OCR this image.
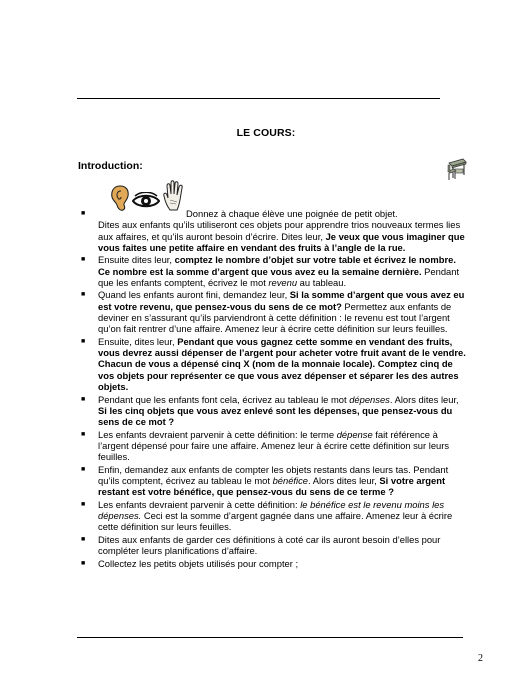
LE COURS:
Introduction:
■	Donnez à chaque élève une poignée de petit objet.
Dites aux enfants qu’ils utiliseront ces objets pour apprendre trios nouveaux termes lies aux affaires, et qu’ils auront besoin d’écrire. Dites leur, Je veux que vous imaginer que vous faites une petite affaire en vendant des fruits à l’angle de la rue.
■ Ensuite dites leur, comptez le nombre d’objet sur votre table et écrivez le nombre. Ce nombre est la somme d’argent que vous avez eu la semaine dernière. Pendant que les enfants comptent, écrivez le mot revenu au tableau.
■ Quand les enfants auront fini, demandez leur, Si la somme d’argent que vous avez eu est votre revenu, que pensez-vous du sens de ce mot? Permettez aux enfants de deviner en s’assurant qu’ils parviendront à cette définition : le revenu est tout l’argent qu’on fait rentrer d’une affaire. Amenez leur à écrire cette définition sur leurs feuilles.
■ Ensuite, dites leur, Pendant que vous gagnez cette somme en vendant des fruits, vous devrez aussi dépenser de l’argent pour acheter votre fruit avant de le vendre. Chacun de vous a dépensé cinq X (nom de la monnaie locale). Comptez cinq de vos objets pour représenter ce que vous avez dépenser et séparer les des autres objets.
■ Pendant que les enfants font cela, écrivez au tableau le mot dépenses. Alors dites leur, Si les cinq objets que vous avez enlevé sont les dépenses, que pensez-vous du sens de ce mot ?
■ Les enfants devraient parvenir à cette définition: le terme dépense fait référence à l’argent dépensé pour faire une affaire. Amenez leur à écrire cette définition sur leurs feuilles.
■ Enfin, demandez aux enfants de compter les objets restants dans leurs tas. Pendant qu’ils comptent, écrivez au tableau le mot bénéfice. Alors dites leur, Si votre argent restant est votre bénéfice, que pensez-vous du sens de ce terme ?
■ Les enfants devraient parvenir à cette définition: le bénéfice est le revenu moins les dépenses. Ceci est la somme d’argent gagnée dans une affaire. Amenez leur à écrire cette définition sur leurs feuilles.
■ Dites aux enfants de garder ces définitions à coté car ils auront besoin d’elles pour compléter leurs planifications d’affaire.
■ Collectez les petits objets utilisés pour compter ;
2
